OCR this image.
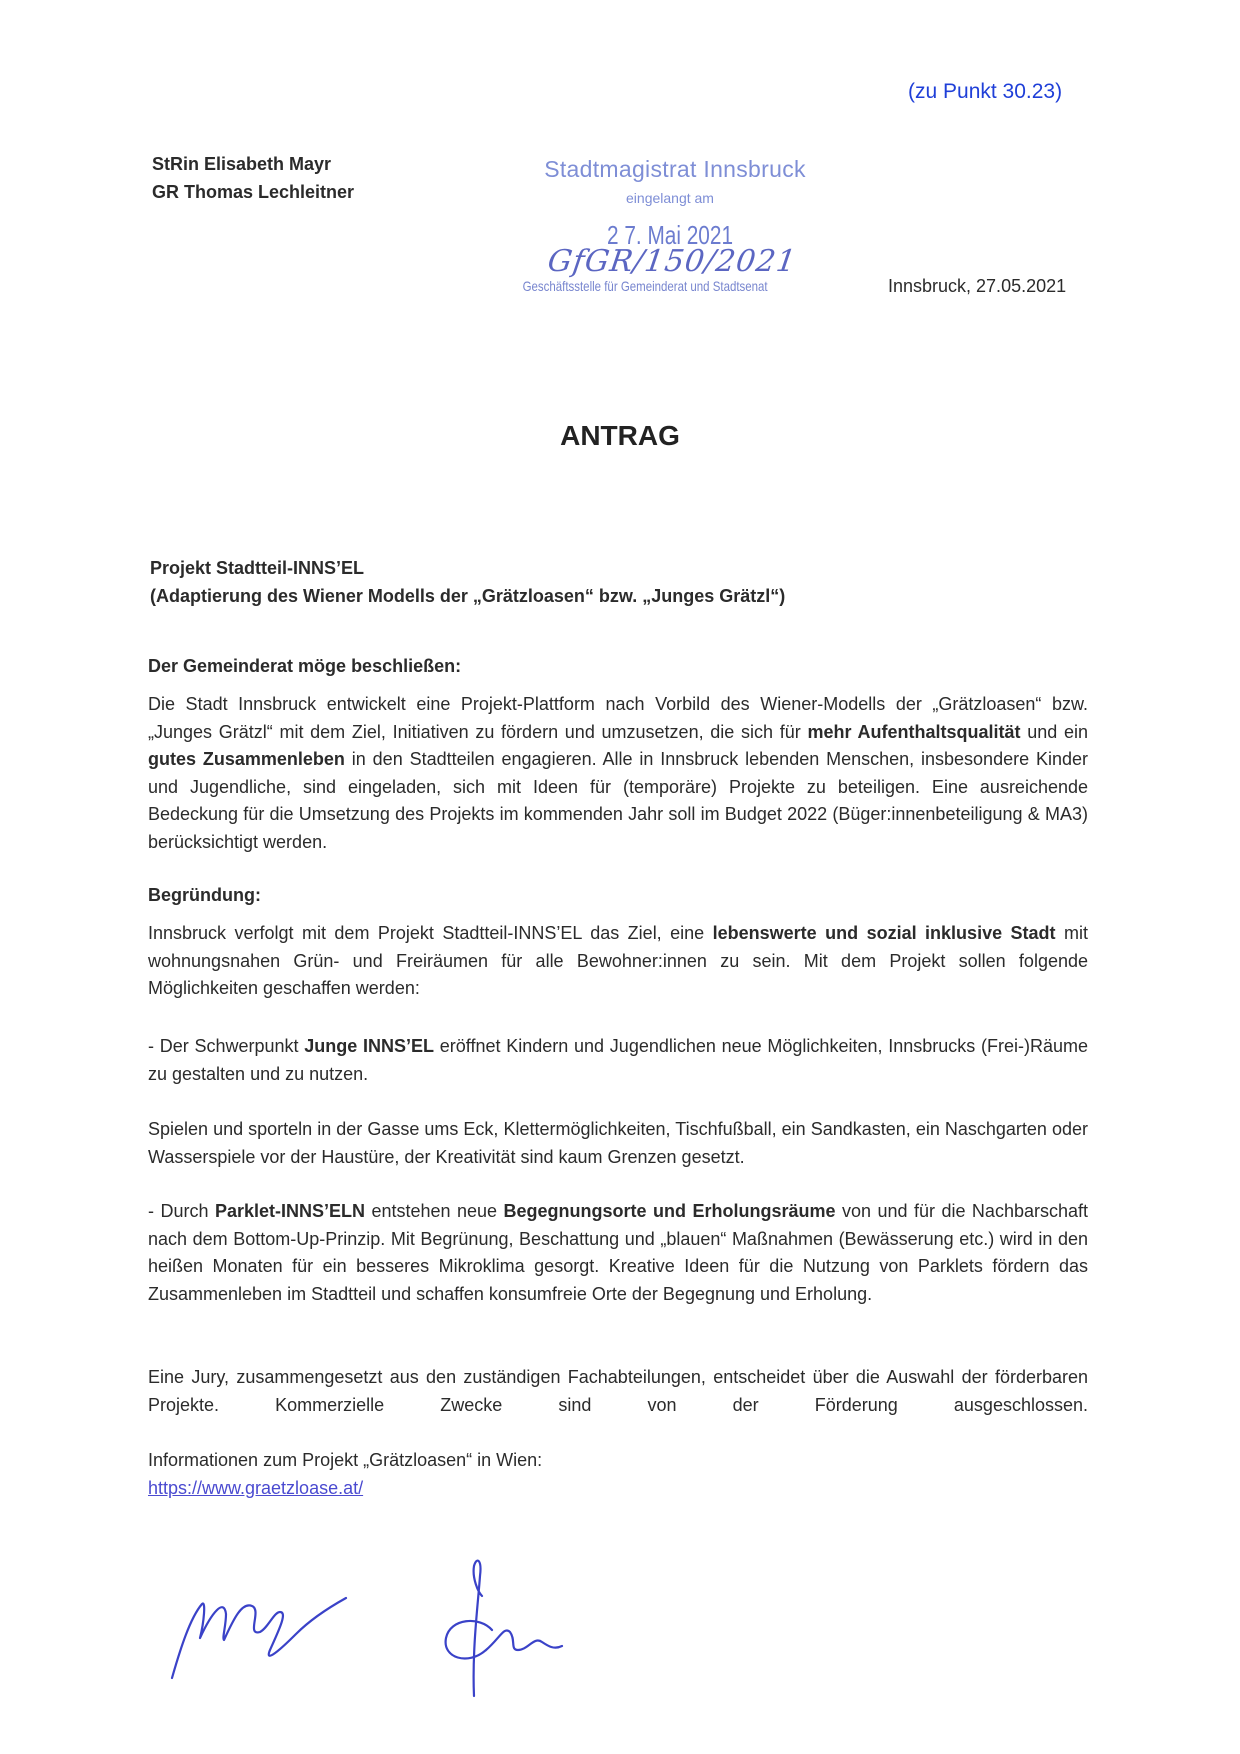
(zu Punkt 30.23)
StRin Elisabeth Mayr
GR Thomas Lechleitner
Stadtmagistrat Innsbruck
eingelangt am
2 7. Mai 2021
GfGR/150/2021
Geschäftsstelle für Gemeinderat und Stadtsenat	Innsbruck, 27.05.2021
ANTRAG
Projekt Stadtteil-INNS’EL
(Adaptierung des Wiener Modells der „Grätzloasen“ bzw. „Junges Grätzl“)
Der Gemeinderat möge beschließen:
Die Stadt Innsbruck entwickelt eine Projekt-Plattform nach Vorbild des Wiener-Modells der „Grätzloasen“ bzw. „Junges Grätzl“ mit dem Ziel, Initiativen zu fördern und umzusetzen, die sich für mehr Aufenthaltsqualität und ein gutes Zusammenleben in den Stadtteilen engagieren. Alle in Innsbruck lebenden Menschen, insbesondere Kinder und Jugendliche, sind eingeladen, sich mit Ideen für (temporäre) Projekte zu beteiligen. Eine ausreichende Bedeckung für die Umsetzung des Projekts im kommenden Jahr soll im Budget 2022 (Büger:innenbeteiligung & MA3) berücksichtigt werden.
Begründung:
Innsbruck verfolgt mit dem Projekt Stadtteil-INNS’EL das Ziel, eine lebenswerte und sozial inklusive Stadt mit wohnungsnahen Grün- und Freiräumen für alle Bewohner:innen zu sein. Mit dem Projekt sollen folgende Möglichkeiten geschaffen werden:
- Der Schwerpunkt Junge INNS’EL eröffnet Kindern und Jugendlichen neue Möglichkeiten, Innsbrucks (Frei-)Räume zu gestalten und zu nutzen.
Spielen und sporteln in der Gasse ums Eck, Klettermöglichkeiten, Tischfußball, ein Sandkasten, ein Naschgarten oder Wasserspiele vor der Haustüre, der Kreativität sind kaum Grenzen gesetzt.
- Durch Parklet-INNS’ELN entstehen neue Begegnungsorte und Erholungsräume von und für die Nachbarschaft nach dem Bottom-Up-Prinzip. Mit Begrünung, Beschattung und „blauen“ Maßnahmen (Bewässerung etc.) wird in den heißen Monaten für ein besseres Mikroklima gesorgt. Kreative Ideen für die Nutzung von Parklets fördern das Zusammenleben im Stadtteil und schaffen konsumfreie Orte der Begegnung und Erholung.
Eine Jury, zusammengesetzt aus den zuständigen Fachabteilungen, entscheidet über die Auswahl der förderbaren Projekte. Kommerzielle Zwecke sind von der Förderung ausgeschlossen.
Informationen zum Projekt „Grätzloasen“ in Wien:
https://www.graetzloase.at/
